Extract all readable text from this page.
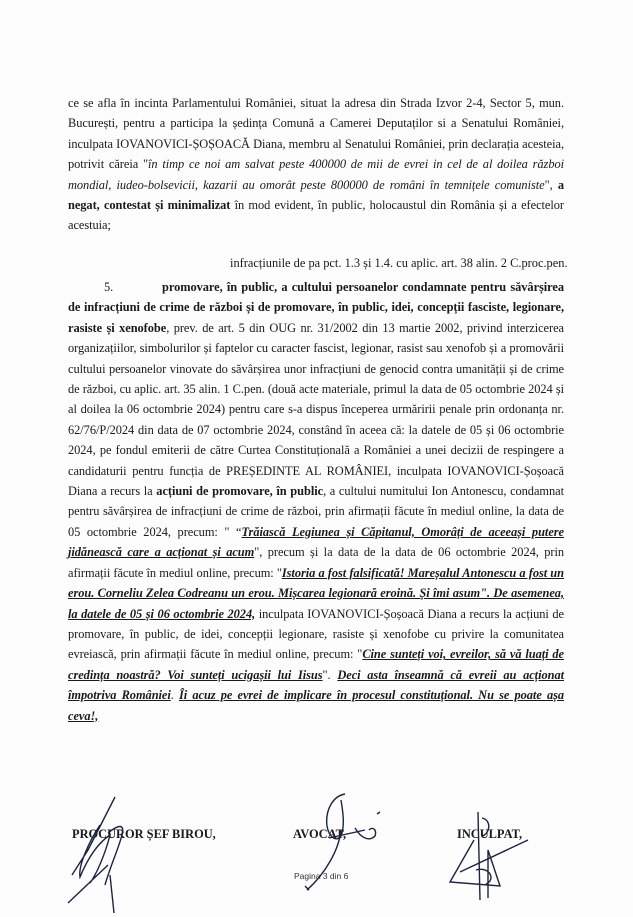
ce se afla în incinta Parlamentului României, situat la adresa din Strada Izvor 2-4, Sector 5, mun. București, pentru a participa la ședința Comună a Camerei Deputaților si a Senatului României, inculpata IOVANOVICI-ȘOȘOACĂ Diana, membru al Senatului României, prin declarația acesteia, potrivit căreia "în timp ce noi am salvat peste 400000 de mii de evrei in cel de al doilea război mondial, iudeo-bolsevicii, kazarii au omorât peste 800000 de români în temnițele comuniste", a negat, contestat și minimalizat în mod evident, în public, holocaustul din România și a efectelor acestuia;

infracțiunile de pa pct. 1.3 și 1.4. cu aplic. art. 38 alin. 2 C.proc.pen.

5.	promovare, în public, a cultului persoanelor condamnate pentru săvârșirea de infracțiuni de crime de război și de promovare, în public, idei, concepții fasciste, legionare, rasiste și xenofobe, prev. de art. 5 din OUG nr. 31/2002 din 13 martie 2002, privind interzicerea organizațiilor, simbolurilor și faptelor cu caracter fascist, legionar, rasist sau xenofob și a promovării cultului persoanelor vinovate do săvârșirea unor infracțiuni de genocid contra umanității și de crime de război, cu aplic. art. 35 alin. 1 C.pen. (două acte materiale, primul la data de 05 octombrie 2024 și al doilea la 06 octombrie 2024) pentru care s-a dispus începerea urmăririi penale prin ordonanța nr. 62/76/P/2024 din data de 07 octombrie 2024, constând în aceea că: la datele de 05 și 06 octombrie 2024, pe fondul emiterii de către Curtea Constituțională a României a unei decizii de respingere a candidaturii pentru funcția de PREȘEDINTE AL ROMÂNIEI, inculpata IOVANOVICI-Șoșoacă Diana a recurs la acțiuni de promovare, în public, a cultului numitului Ion Antonescu, condamnat pentru săvârșirea de infracțiuni de crime de război, prin afirmații făcute în mediul online, la data de 05 octombrie 2024, precum: " “Trăiască Legiunea și Căpitanul, Omorâți de aceeași putere jidănească care a acționat și acum", precum și la data de la data de 06 octombrie 2024, prin afirmații făcute în mediul online, precum: "Istoria a fost falsificată! Mareșalul Antonescu a fost un erou. Corneliu Zelea Codreanu un erou. Mișcarea legionară eroină. Și îmi asum". De asemenea, la datele de 05 și 06 octombrie 2024, inculpata IOVANOVICI-Șoșoacă Diana a recurs la acțiuni de promovare, în public, de idei, concepții legionare, rasiste și xenofobe cu privire la comunitatea evreiască, prin afirmații făcute în mediul online, precum: "Cine sunteți voi, evreilor, să vă luați de credința noastră? Voi sunteți ucigașii lui Iisus". Deci asta înseamnă că evreii au acționat împotriva României. Îi acuz pe evrei de implicare în procesul constituțional. Nu se poate așa ceva!,

PROCUROR ȘEF BIROU,	AVOCAT,	INCULPAT,
Pagina 3 din 6
